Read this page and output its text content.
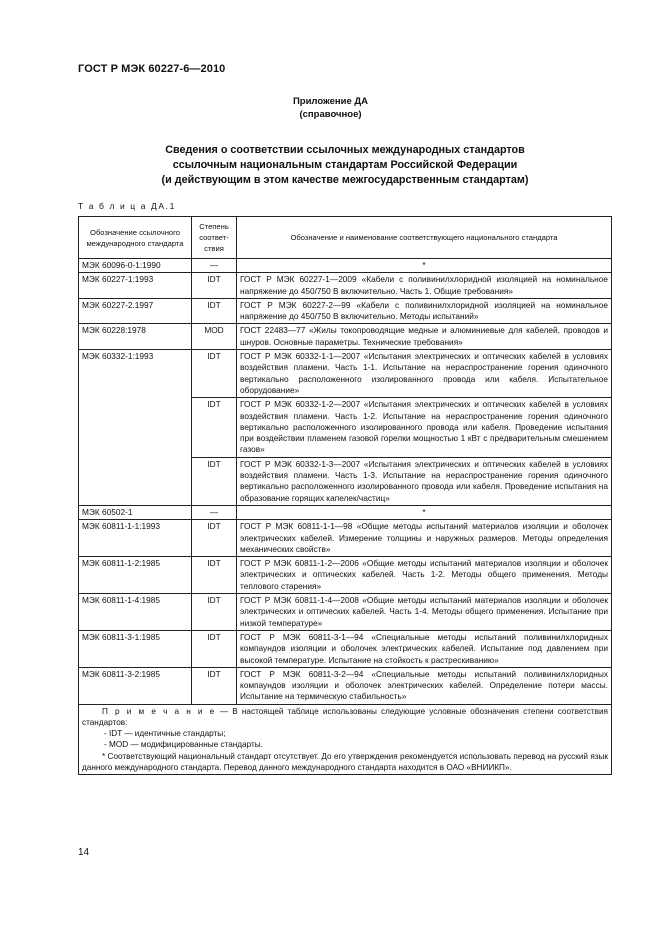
ГОСТ Р МЭК 60227-6—2010
Приложение ДА
(справочное)
Сведения о соответствии ссылочных международных стандартов
ссылочным национальным стандартам Российской Федерации
(и действующим в этом качестве межгосударственным стандартам)
Т а б л и ц а ДА.1
Обозначение ссылочного международного стандарта	Степень соответ-ствия	Обозначение и наименование соответствующего национального стандарта
МЭК 60096-0-1:1990	—	*
МЭК 60227-1:1993	IDT	ГОСТ Р МЭК 60227-1—2009 «Кабели с поливинилхлоридной изоляцией на номинальное напряжение до 450/750 В включительно. Часть 1. Общие требования»
МЭК 60227-2.1997	IDT	ГОСТ Р МЭК 60227-2—99 «Кабели с поливинилхлоридной изоляцией на номинальное напряжение до 450/750 В включительно. Методы испытаний»
МЭК 60228:1978	MOD	ГОСТ 22483—77 «Жилы токопроводящие медные и алюминиевые для кабелей, проводов и шнуров. Основные параметры. Технические требования»
МЭК 60332-1:1993	IDT	ГОСТ Р МЭК 60332-1-1—2007 «Испытания электрических и оптических кабелей в условиях воздействия пламени. Часть 1-1. Испытание на нераспространение горения одиночного вертикально расположенного изолированного провода или кабеля. Испытательное оборудование»
	IDT	ГОСТ Р МЭК 60332-1-2—2007 «Испытания электрических и оптических кабелей в условиях воздействия пламени. Часть 1-2. Испытание на нераспространение горения одиночного вертикально расположенного изолированного провода или кабеля. Проведение испытания при воздействии пламенем газовой горелки мощностью 1 кВт с предварительным смешением газов»
	IDT	ГОСТ Р МЭК 60332-1-3—2007 «Испытания электрических и оптических кабелей в условиях воздействия пламени. Часть 1-3. Испытание на нераспространение горения одиночного вертикально расположенного изолированного провода или кабеля. Проведение испытания на образование горящих капелек/частиц»
МЭК 60502-1	—	*
МЭК 60811-1-1:1993	IDT	ГОСТ Р МЭК 60811-1-1—98 «Общие методы испытаний материалов изоляции и оболочек электрических кабелей. Измерение толщины и наружных размеров. Методы определения механических свойств»
МЭК 60811-1-2:1985	IDT	ГОСТ Р МЭК 60811-1-2—2006 «Общие методы испытаний материалов изоляции и оболочек электрических и оптических кабелей. Часть 1-2. Методы общего применения. Методы теплового старения»
МЭК 60811-1-4:1985	IDT	ГОСТ Р МЭК 60811-1-4—2008 «Общие методы испытаний материалов изоляции и оболочек электрических и оптических кабелей. Часть 1-4. Методы общего применения. Испытание при низкой температуре»
МЭК 60811-3-1:1985	IDT	ГОСТ Р МЭК 60811-3-1—94 «Специальные методы испытаний поливинилхлоридных компаундов изоляции и оболочек электрических кабелей. Испытание под давлением при высокой температуре. Испытание на стойкость к растрескиванию»
МЭК 60811-3-2:1985	IDT	ГОСТ Р МЭК 60811-3-2—94 «Специальные методы испытаний поливинилхлоридных компаундов изоляции и оболочек электрических кабелей. Определение потери массы. Испытание на термическую стабильность»

П р и м е ч а н и е — В настоящей таблице использованы следующие условные обозначения степени соответствия стандартов:
- IDT — идентичные стандарты;
- MOD — модифицированные стандарты.
* Соответствующий национальный стандарт отсутствует. До его утверждения рекомендуется использовать перевод на русский язык данного международного стандарта. Перевод данного международного стандарта находится в ОАО «ВНИИКП».		
14
